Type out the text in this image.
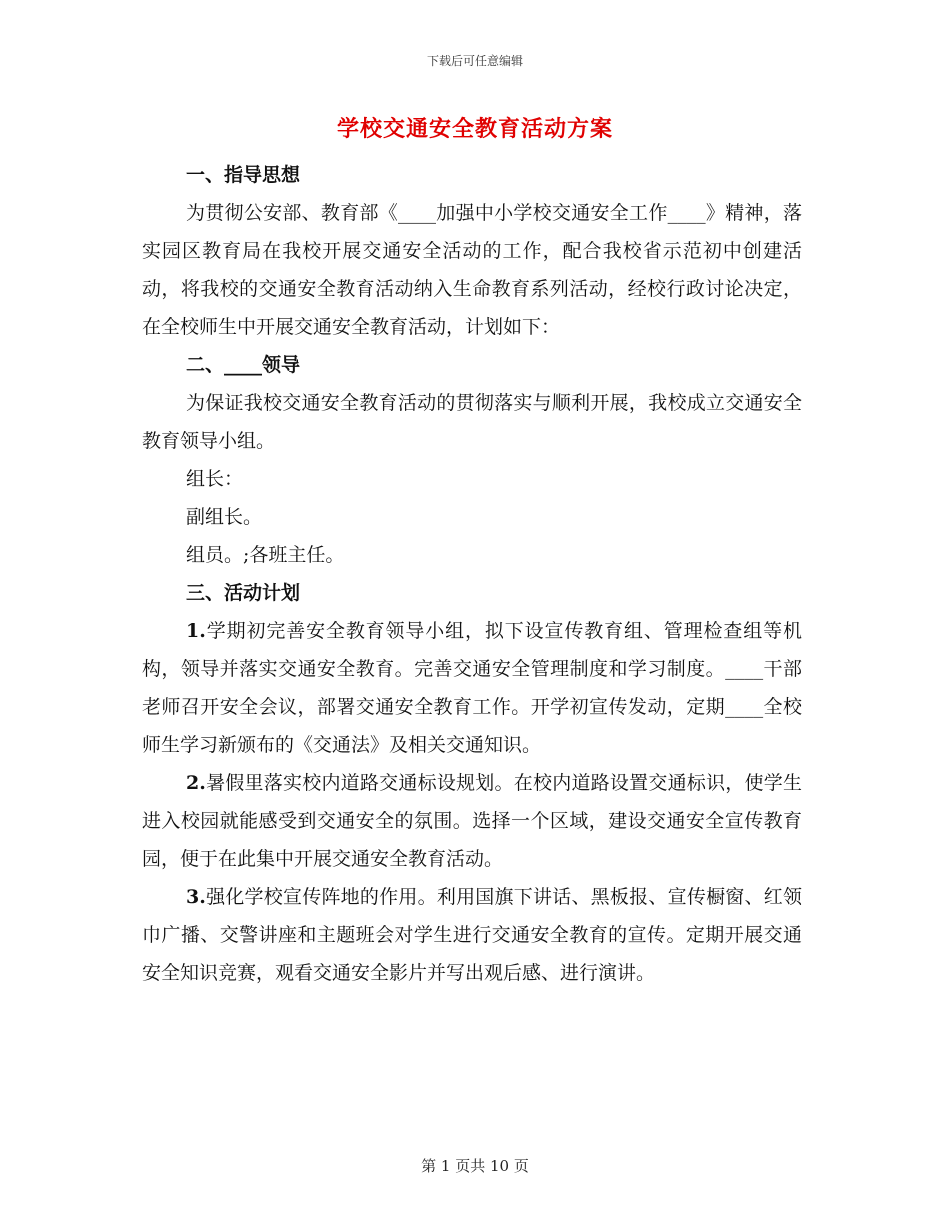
下载后可任意编辑
学校交通安全教育活动方案

一、指导思想

为贯彻公安部、教育部《____加强中小学校交通安全工作____》精神，落实园区教育局在我校开展交通安全活动的工作，配合我校省示范初中创建活动，将我校的交通安全教育活动纳入生命教育系列活动，经校行政讨论决定，在全校师生中开展交通安全教育活动，计划如下：

二、____领导

为保证我校交通安全教育活动的贯彻落实与顺利开展，我校成立交通安全教育领导小组。

组长：

副组长。

组员。;各班主任。

三、活动计划

1.学期初完善安全教育领导小组，拟下设宣传教育组、管理检查组等机构，领导并落实交通安全教育。完善交通安全管理制度和学习制度。____干部老师召开安全会议，部署交通安全教育工作。开学初宣传发动，定期____全校师生学习新颁布的《交通法》及相关交通知识。

2.暑假里落实校内道路交通标设规划。在校内道路设置交通标识，使学生进入校园就能感受到交通安全的氛围。选择一个区域，建设交通安全宣传教育园，便于在此集中开展交通安全教育活动。

3.强化学校宣传阵地的作用。利用国旗下讲话、黑板报、宣传橱窗、红领巾广播、交警讲座和主题班会对学生进行交通安全教育的宣传。定期开展交通安全知识竞赛，观看交通安全影片并写出观后感、进行演讲。

第 1 页共 10 页
